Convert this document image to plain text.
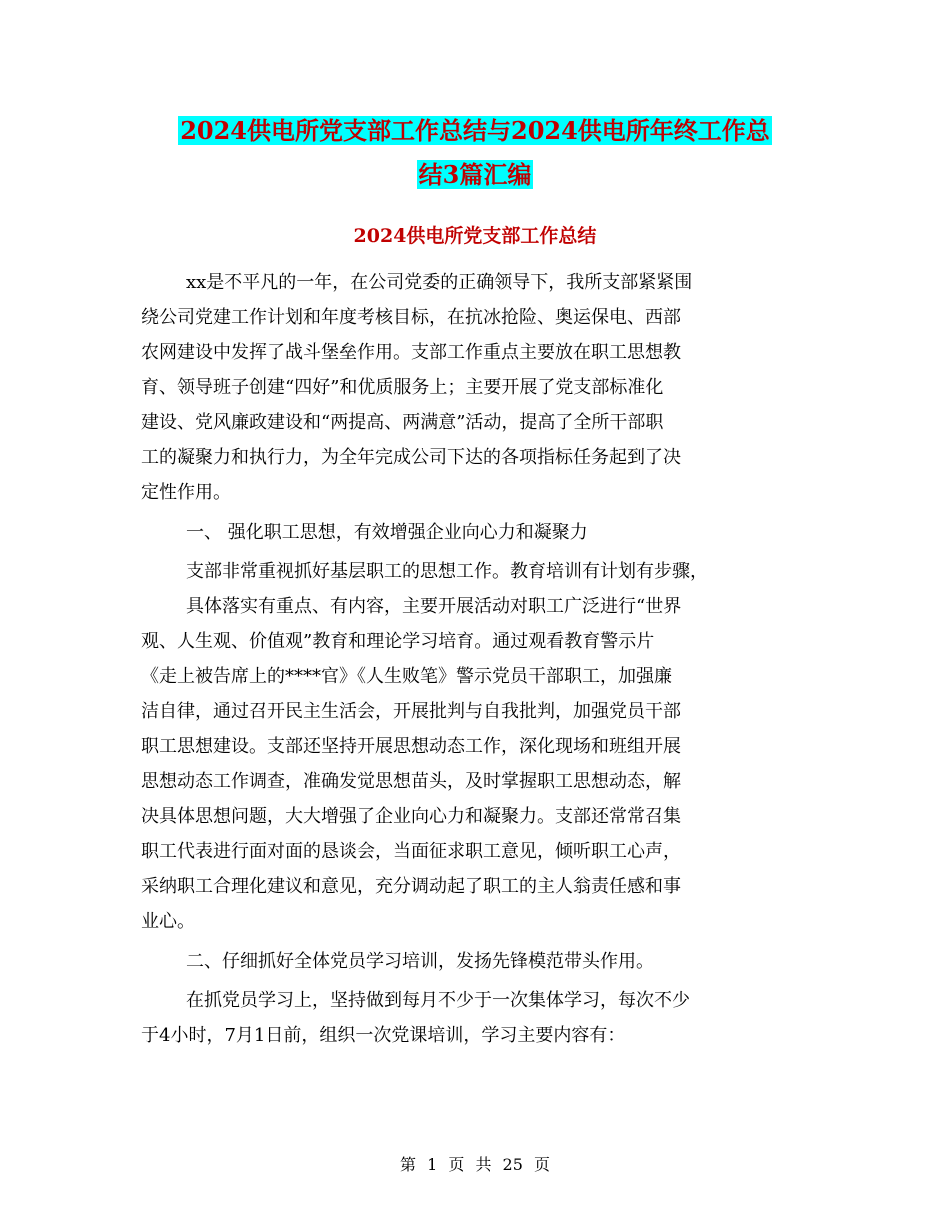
2024供电所党支部工作总结与2024供电所年终工作总
结3篇汇编
2024供电所党支部工作总结
xx是不平凡的一年，在公司党委的正确领导下，我所支部紧紧围
绕公司党建工作计划和年度考核目标，在抗冰抢险、奥运保电、西部
农网建设中发挥了战斗堡垒作用。支部工作重点主要放在职工思想教
育、领导班子创建“四好”和优质服务上；主要开展了党支部标准化
建设、党风廉政建设和“两提高、两满意”活动，提高了全所干部职
工的凝聚力和执行力，为全年完成公司下达的各项指标任务起到了决
定性作用。
一、 强化职工思想，有效增强企业向心力和凝聚力
支部非常重视抓好基层职工的思想工作。教育培训有计划有步骤，
具体落实有重点、有内容，主要开展活动对职工广泛进行“世界
观、人生观、价值观”教育和理论学习培育。通过观看教育警示片
《走上被告席上的****官》《人生败笔》警示党员干部职工，加强廉
洁自律，通过召开民主生活会，开展批判与自我批判，加强党员干部
职工思想建设。支部还坚持开展思想动态工作，深化现场和班组开展
思想动态工作调查，准确发觉思想苗头，及时掌握职工思想动态，解
决具体思想问题，大大增强了企业向心力和凝聚力。支部还常常召集
职工代表进行面对面的恳谈会，当面征求职工意见，倾听职工心声，
采纳职工合理化建议和意见，充分调动起了职工的主人翁责任感和事
业心。
二、仔细抓好全体党员学习培训，发扬先锋模范带头作用。
在抓党员学习上，坚持做到每月不少于一次集体学习，每次不少
于4小时，7月1日前，组织一次党课培训，学习主要内容有：
第 1 页 共 25 页
